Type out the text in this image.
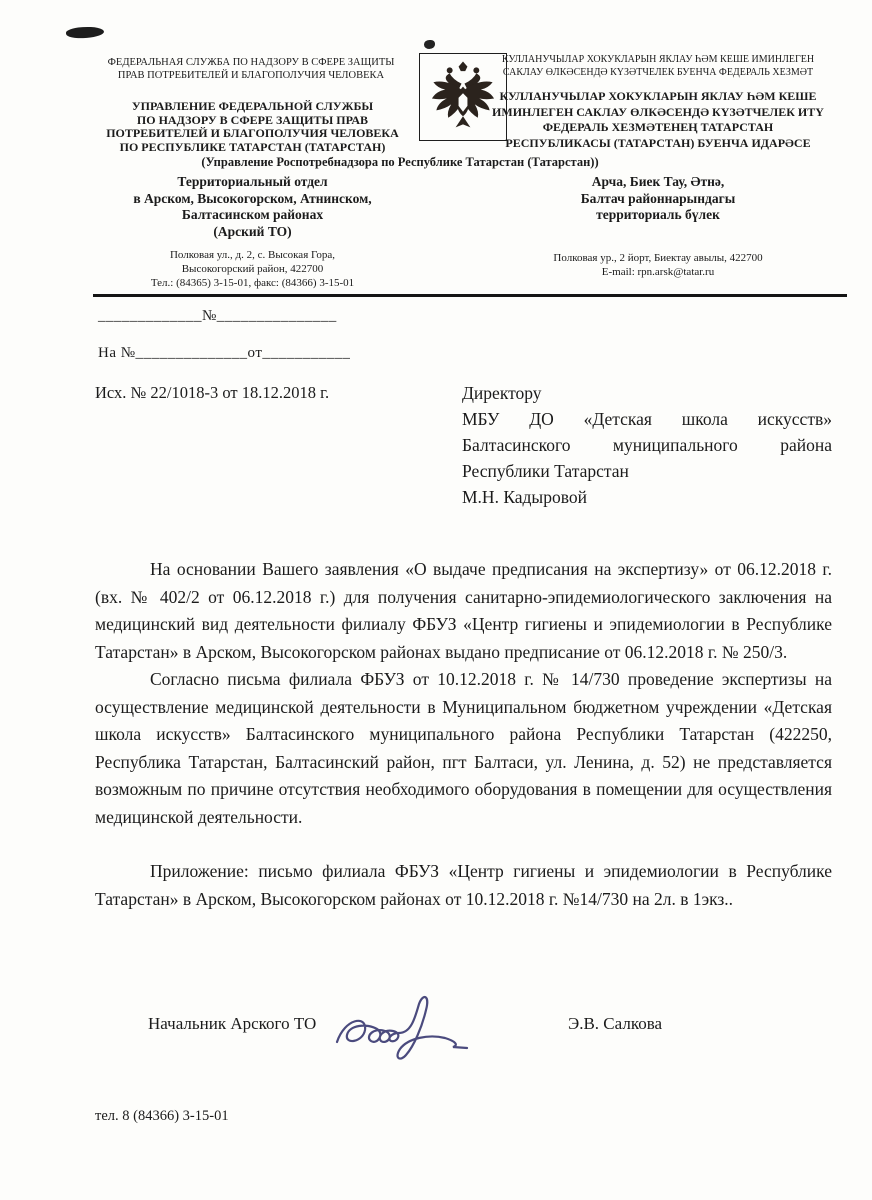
ФЕДЕРАЛЬНАЯ СЛУЖБА ПО НАДЗОРУ В СФЕРЕ ЗАЩИТЫ
ПРАВ ПОТРЕБИТЕЛЕЙ И БЛАГОПОЛУЧИЯ ЧЕЛОВЕКА
КУЛЛАНУЧЫЛАР ХОКУКЛАРЫН ЯКЛАУ ҺӘМ КЕШЕ ИМИНЛЕГЕН
САКЛАУ ӨЛКӘСЕНДӘ КҮЗӘТЧЕЛЕК БУЕНЧА ФЕДЕРАЛЬ ХЕЗМӘТ
УПРАВЛЕНИЕ ФЕДЕРАЛЬНОЙ СЛУЖБЫ
ПО НАДЗОРУ В СФЕРЕ ЗАЩИТЫ ПРАВ
ПОТРЕБИТЕЛЕЙ И БЛАГОПОЛУЧИЯ ЧЕЛОВЕКА
ПО РЕСПУБЛИКЕ ТАТАРСТАН (ТАТАРСТАН)
КУЛЛАНУЧЫЛАР ХОКУКЛАРЫН ЯКЛАУ ҺӘМ КЕШЕ
ИМИНЛЕГЕН САКЛАУ ӨЛКӘСЕНДӘ КҮЗӘТЧЕЛЕК ИТҮ
ФЕДЕРАЛЬ ХЕЗМӘТЕНЕҢ ТАТАРСТАН
РЕСПУБЛИКАСЫ (ТАТАРСТАН) БУЕНЧА ИДАРӘСЕ
(Управление Роспотребнадзора по Республике Татарстан (Татарстан))
Территориальный отдел
в Арском, Высокогорском, Атнинском,
Балтасинском районах
(Арский ТО)
Арча, Биек Тау, Әтнә,
Балтач районнарындагы
территориаль бүлек
Полковая ул., д. 2, с. Высокая Гора,
Высокогорский район, 422700
Тел.: (84365) 3-15-01, факс: (84366) 3-15-01
Полковая ур., 2 йорт, Биектау авылы, 422700
E-mail: rpn.arsk@tatar.ru
_____________№_______________
На №______________от___________
Исх. № 22/1018-3 от 18.12.2018 г.	Директору
МБУ ДО «Детская школа искусств»
Балтасинского муниципального района
Республики Татарстан
М.Н. Кадыровой

На основании Вашего заявления «О выдаче предписания на экспертизу» от 06.12.2018 г. (вх. № 402/2 от 06.12.2018 г.) для получения санитарно-эпидемиологического заключения на медицинский вид деятельности филиалу ФБУЗ «Центр гигиены и эпидемиологии в Республике Татарстан» в Арском, Высокогорском районах выдано предписание от 06.12.2018 г. № 250/3.

Согласно письма филиала ФБУЗ от 10.12.2018 г. № 14/730 проведение экспертизы на осуществление медицинской деятельности в Муниципальном бюджетном учреждении «Детская школа искусств» Балтасинского муниципального района Республики Татарстан (422250, Республика Татарстан, Балтасинский район, пгт Балтаси, ул. Ленина, д. 52) не представляется возможным по причине отсутствия необходимого оборудования в помещении для осуществления медицинской деятельности.

Приложение: письмо филиала ФБУЗ «Центр гигиены и эпидемиологии в Республике Татарстан» в Арском, Высокогорском районах от 10.12.2018 г. №14/730 на 2л. в 1экз..

Начальник Арского ТО	Э.В. Салкова
тел. 8 (84366) 3-15-01
